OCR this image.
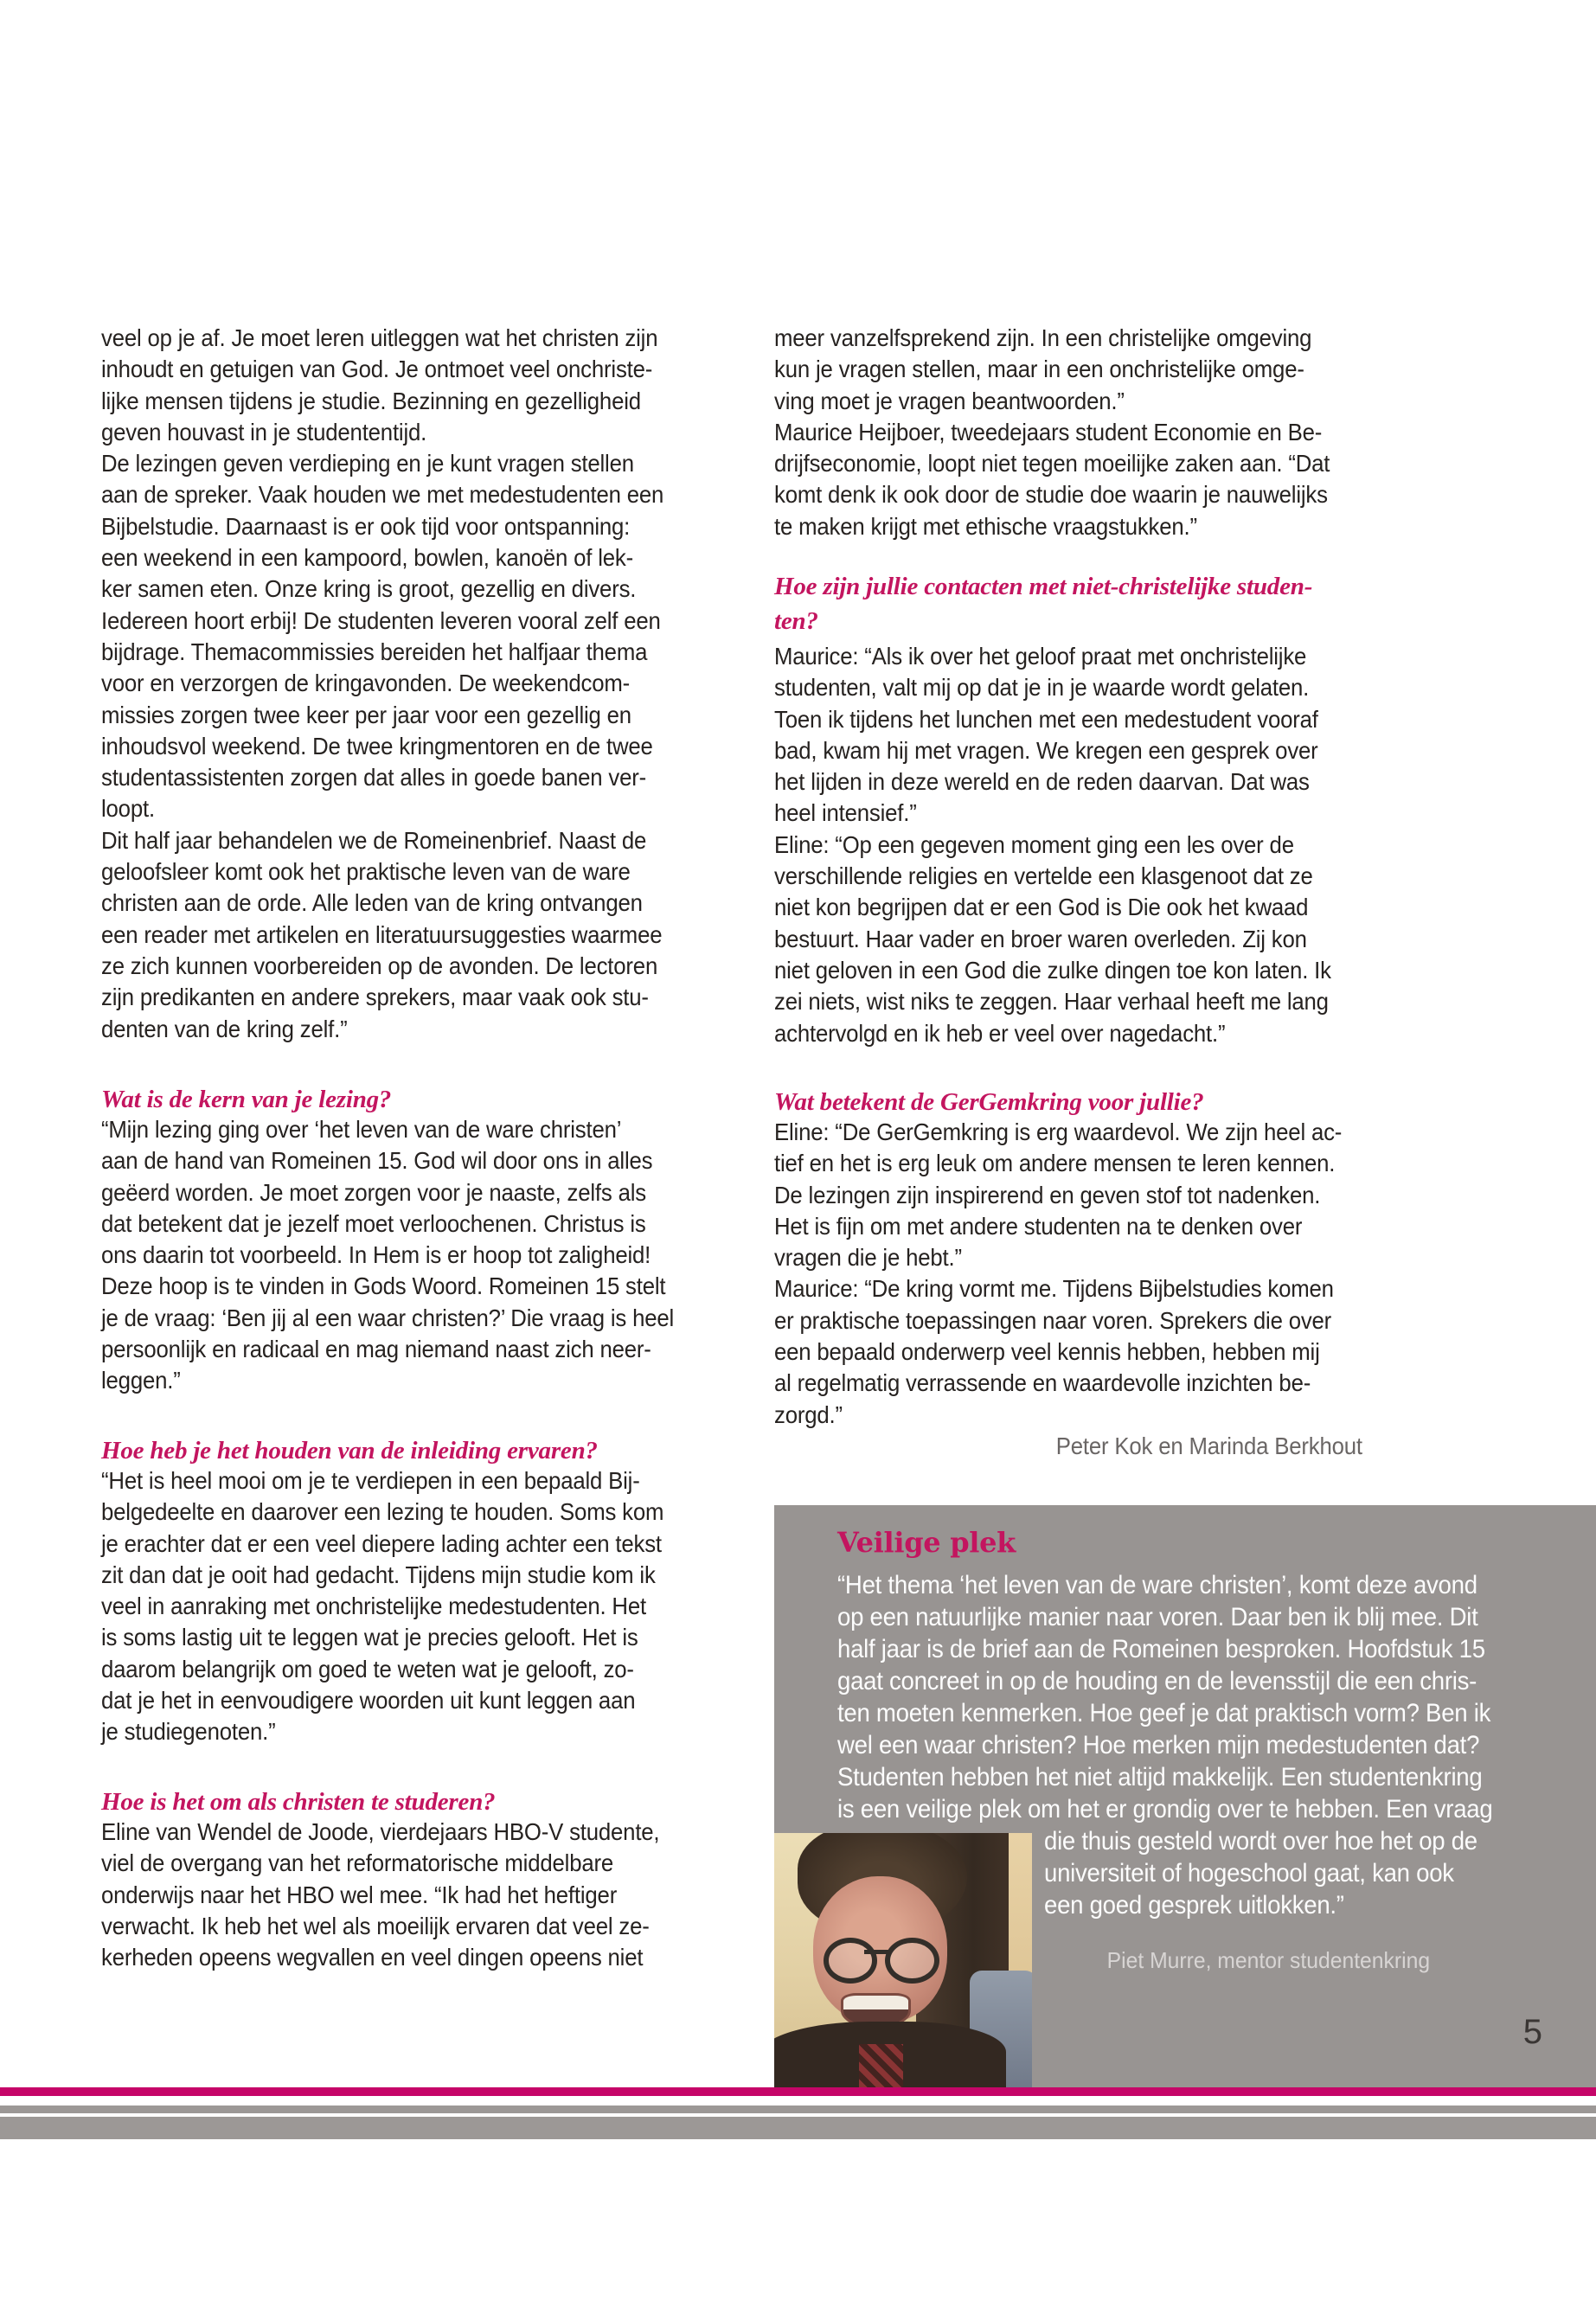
veel op je af. Je moet leren uitleggen wat het christen zijn
inhoudt en getuigen van God. Je ontmoet veel onchriste-
lijke mensen tijdens je studie. Bezinning en gezelligheid
geven houvast in je studententijd.
De lezingen geven verdieping en je kunt vragen stellen
aan de spreker. Vaak houden we met medestudenten een
Bijbelstudie. Daarnaast is er ook tijd voor ontspanning:
een weekend in een kampoord, bowlen, kanoën of lek-
ker samen eten. Onze kring is groot, gezellig en divers.
Iedereen hoort erbij! De studenten leveren vooral zelf een
bijdrage. Themacommissies bereiden het halfjaar thema
voor en verzorgen de kringavonden. De weekendcom-
missies zorgen twee keer per jaar voor een gezellig en
inhoudsvol weekend. De twee kringmentoren en de twee
studentassistenten zorgen dat alles in goede banen ver-
loopt.
Dit half jaar behandelen we de Romeinenbrief. Naast de
geloofsleer komt ook het praktische leven van de ware
christen aan de orde. Alle leden van de kring ontvangen
een reader met artikelen en literatuursuggesties waarmee
ze zich kunnen voorbereiden op de avonden. De lectoren
zijn predikanten en andere sprekers, maar vaak ook stu-
denten van de kring zelf.”
Wat is de kern van je lezing?
“Mijn lezing ging over ‘het leven van de ware christen’
aan de hand van Romeinen 15. God wil door ons in alles
geëerd worden. Je moet zorgen voor je naaste, zelfs als
dat betekent dat je jezelf moet verloochenen. Christus is
ons daarin tot voorbeeld. In Hem is er hoop tot zaligheid!
Deze hoop is te vinden in Gods Woord. Romeinen 15 stelt
je de vraag: ‘Ben jij al een waar christen?’ Die vraag is heel
persoonlijk en radicaal en mag niemand naast zich neer-
leggen.”
Hoe heb je het houden van de inleiding ervaren?
“Het is heel mooi om je te verdiepen in een bepaald Bij-
belgedeelte en daarover een lezing te houden. Soms kom
je erachter dat er een veel diepere lading achter een tekst
zit dan dat je ooit had gedacht. Tijdens mijn studie kom ik
veel in aanraking met onchristelijke medestudenten. Het
is soms lastig uit te leggen wat je precies gelooft. Het is
daarom belangrijk om goed te weten wat je gelooft, zo-
dat je het in eenvoudigere woorden uit kunt leggen aan
je studiegenoten.”
Hoe is het om als christen te studeren?
Eline van Wendel de Joode, vierdejaars HBO-V studente,
viel de overgang van het reformatorische middelbare
onderwijs naar het HBO wel mee. “Ik had het heftiger
verwacht. Ik heb het wel als moeilijk ervaren dat veel ze-
kerheden opeens wegvallen en veel dingen opeens niet
meer vanzelfsprekend zijn. In een christelijke omgeving
kun je vragen stellen, maar in een onchristelijke omge-
ving moet je vragen beantwoorden.”
Maurice Heijboer, tweedejaars student Economie en Be-
drijfseconomie, loopt niet tegen moeilijke zaken aan. “Dat
komt denk ik ook door de studie doe waarin je nauwelijks
te maken krijgt met ethische vraagstukken.”
Hoe zijn jullie contacten met niet-christelijke studen-
ten?
Maurice: “Als ik over het geloof praat met onchristelijke
studenten, valt mij op dat je in je waarde wordt gelaten.
Toen ik tijdens het lunchen met een medestudent vooraf
bad, kwam hij met vragen. We kregen een gesprek over
het lijden in deze wereld en de reden daarvan. Dat was
heel intensief.”
Eline: “Op een gegeven moment ging een les over de
verschillende religies en vertelde een klasgenoot dat ze
niet kon begrijpen dat er een God is Die ook het kwaad
bestuurt. Haar vader en broer waren overleden. Zij kon
niet geloven in een God die zulke dingen toe kon laten. Ik
zei niets, wist niks te zeggen. Haar verhaal heeft me lang
achtervolgd en ik heb er veel over nagedacht.”
Wat betekent de GerGemkring voor jullie?
Eline: “De GerGemkring is erg waardevol. We zijn heel ac-
tief en het is erg leuk om andere mensen te leren kennen.
De lezingen zijn inspirerend en geven stof tot nadenken.
Het is fijn om met andere studenten na te denken over
vragen die je hebt.”
Maurice: “De kring vormt me. Tijdens Bijbelstudies komen
er praktische toepassingen naar voren. Sprekers die over
een bepaald onderwerp veel kennis hebben, hebben mij
al regelmatig verrassende en waardevolle inzichten be-
zorgd.”
Peter Kok en Marinda Berkhout
Veilige plek
“Het thema ‘het leven van de ware christen’, komt deze avond
op een natuurlijke manier naar voren. Daar ben ik blij mee. Dit
half jaar is de brief aan de Romeinen besproken. Hoofdstuk 15
gaat concreet in op de houding en de levensstijl die een chris-
ten moeten kenmerken. Hoe geef je dat praktisch vorm? Ben ik
wel een waar christen? Hoe merken mijn medestudenten dat?
Studenten hebben het niet altijd makkelijk. Een studentenkring
is een veilige plek om het er grondig over te hebben. Een vraag
die thuis gesteld wordt over hoe het op de
universiteit of hogeschool gaat, kan ook
een goed gesprek uitlokken.”
Piet Murre, mentor studentenkring
5
